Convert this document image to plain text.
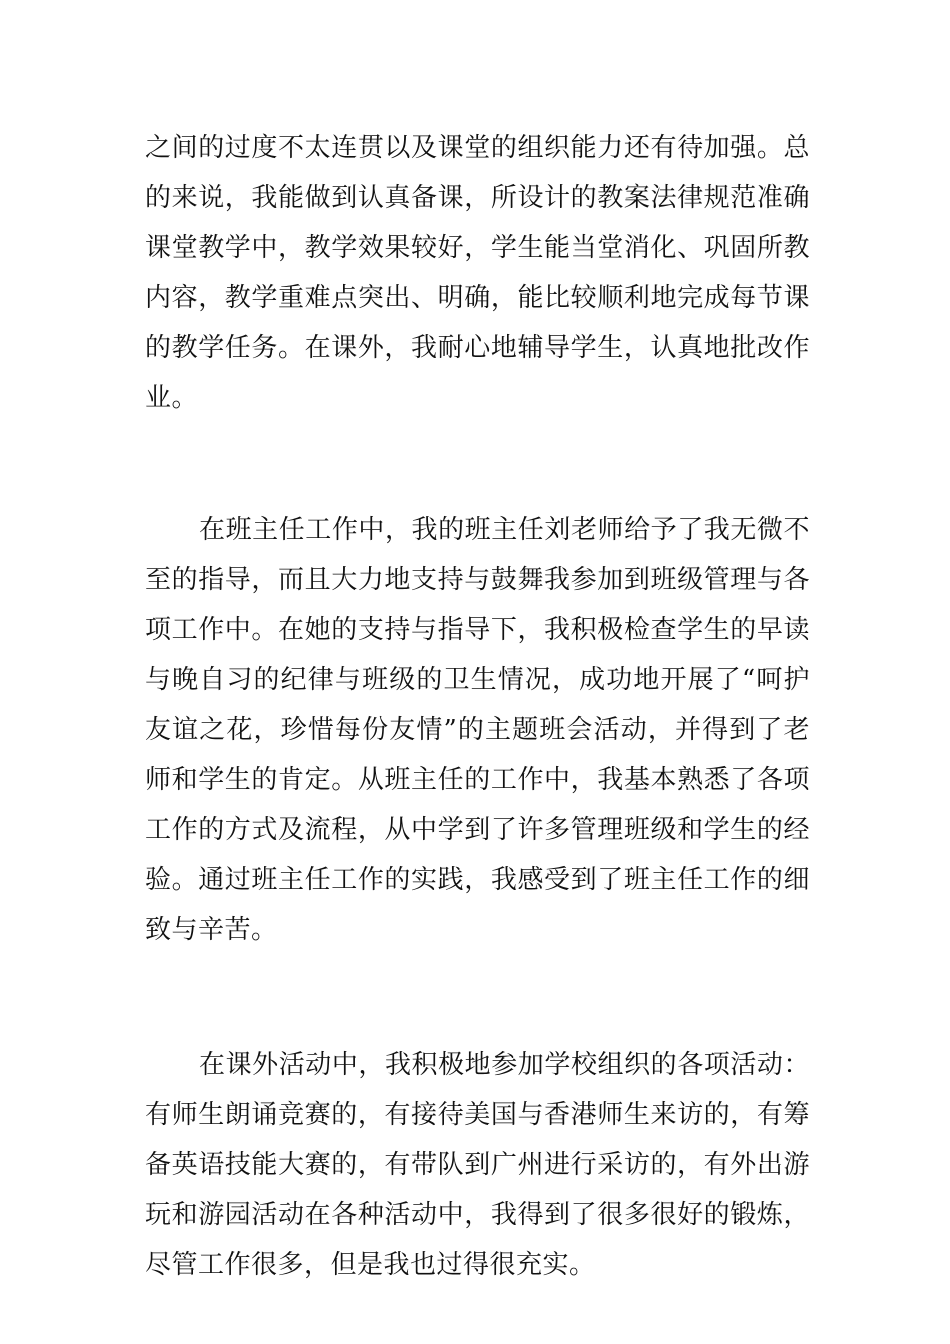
之间的过度不太连贯以及课堂的组织能力还有待加强。总的来说，我能做到认真备课，所设计的教案法律规范准确课堂教学中，教学效果较好，学生能当堂消化、巩固所教内容，教学重难点突出、明确，能比较顺利地完成每节课的教学任务。在课外，我耐心地辅导学生，认真地批改作业。

在班主任工作中，我的班主任刘老师给予了我无微不至的指导，而且大力地支持与鼓舞我参加到班级管理与各项工作中。在她的支持与指导下，我积极检查学生的早读与晚自习的纪律与班级的卫生情况，成功地开展了“呵护友谊之花，珍惜每份友情”的主题班会活动，并得到了老师和学生的肯定。从班主任的工作中，我基本熟悉了各项工作的方式及流程，从中学到了许多管理班级和学生的经验。通过班主任工作的实践，我感受到了班主任工作的细致与辛苦。

在课外活动中，我积极地参加学校组织的各项活动：有师生朗诵竞赛的，有接待美国与香港师生来访的，有筹备英语技能大赛的，有带队到广州进行采访的，有外出游玩和游园活动在各种活动中，我得到了很多很好的锻炼，尽管工作很多，但是我也过得很充实。
